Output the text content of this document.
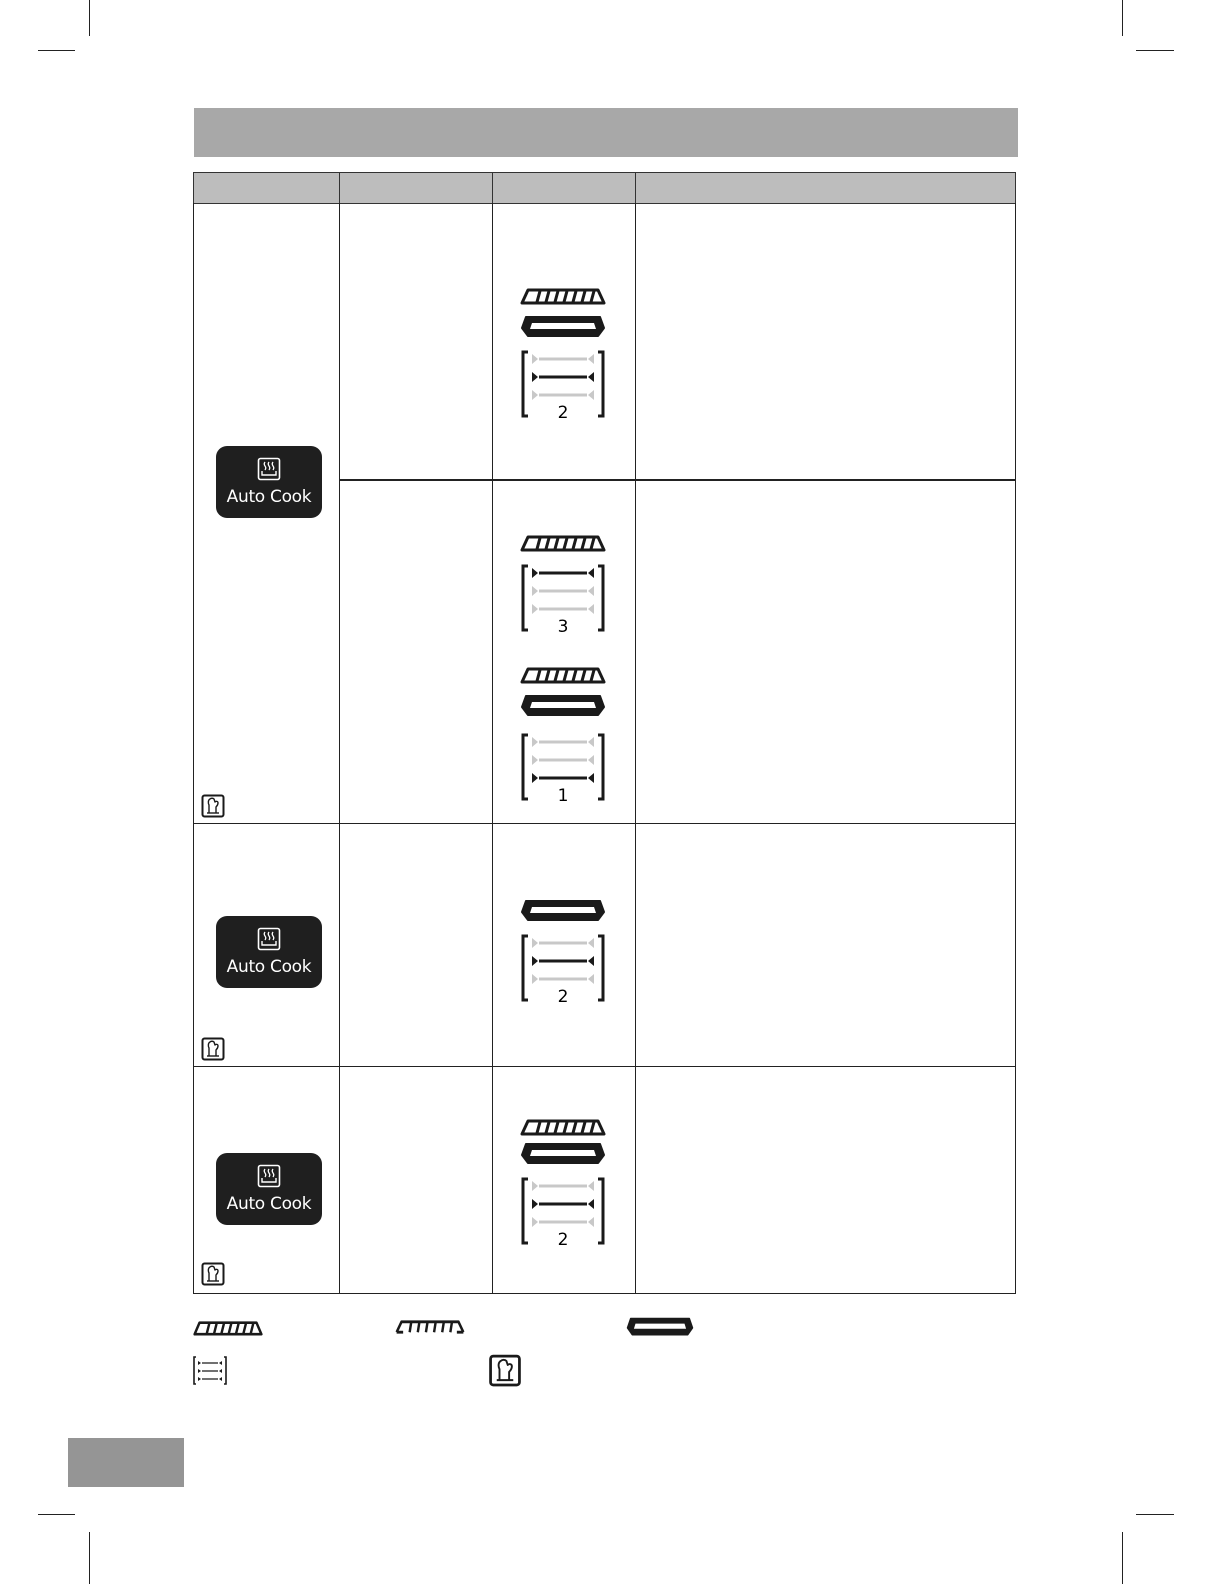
Auto Cook
2
3
1
Auto Cook
2
Auto Cook
2
